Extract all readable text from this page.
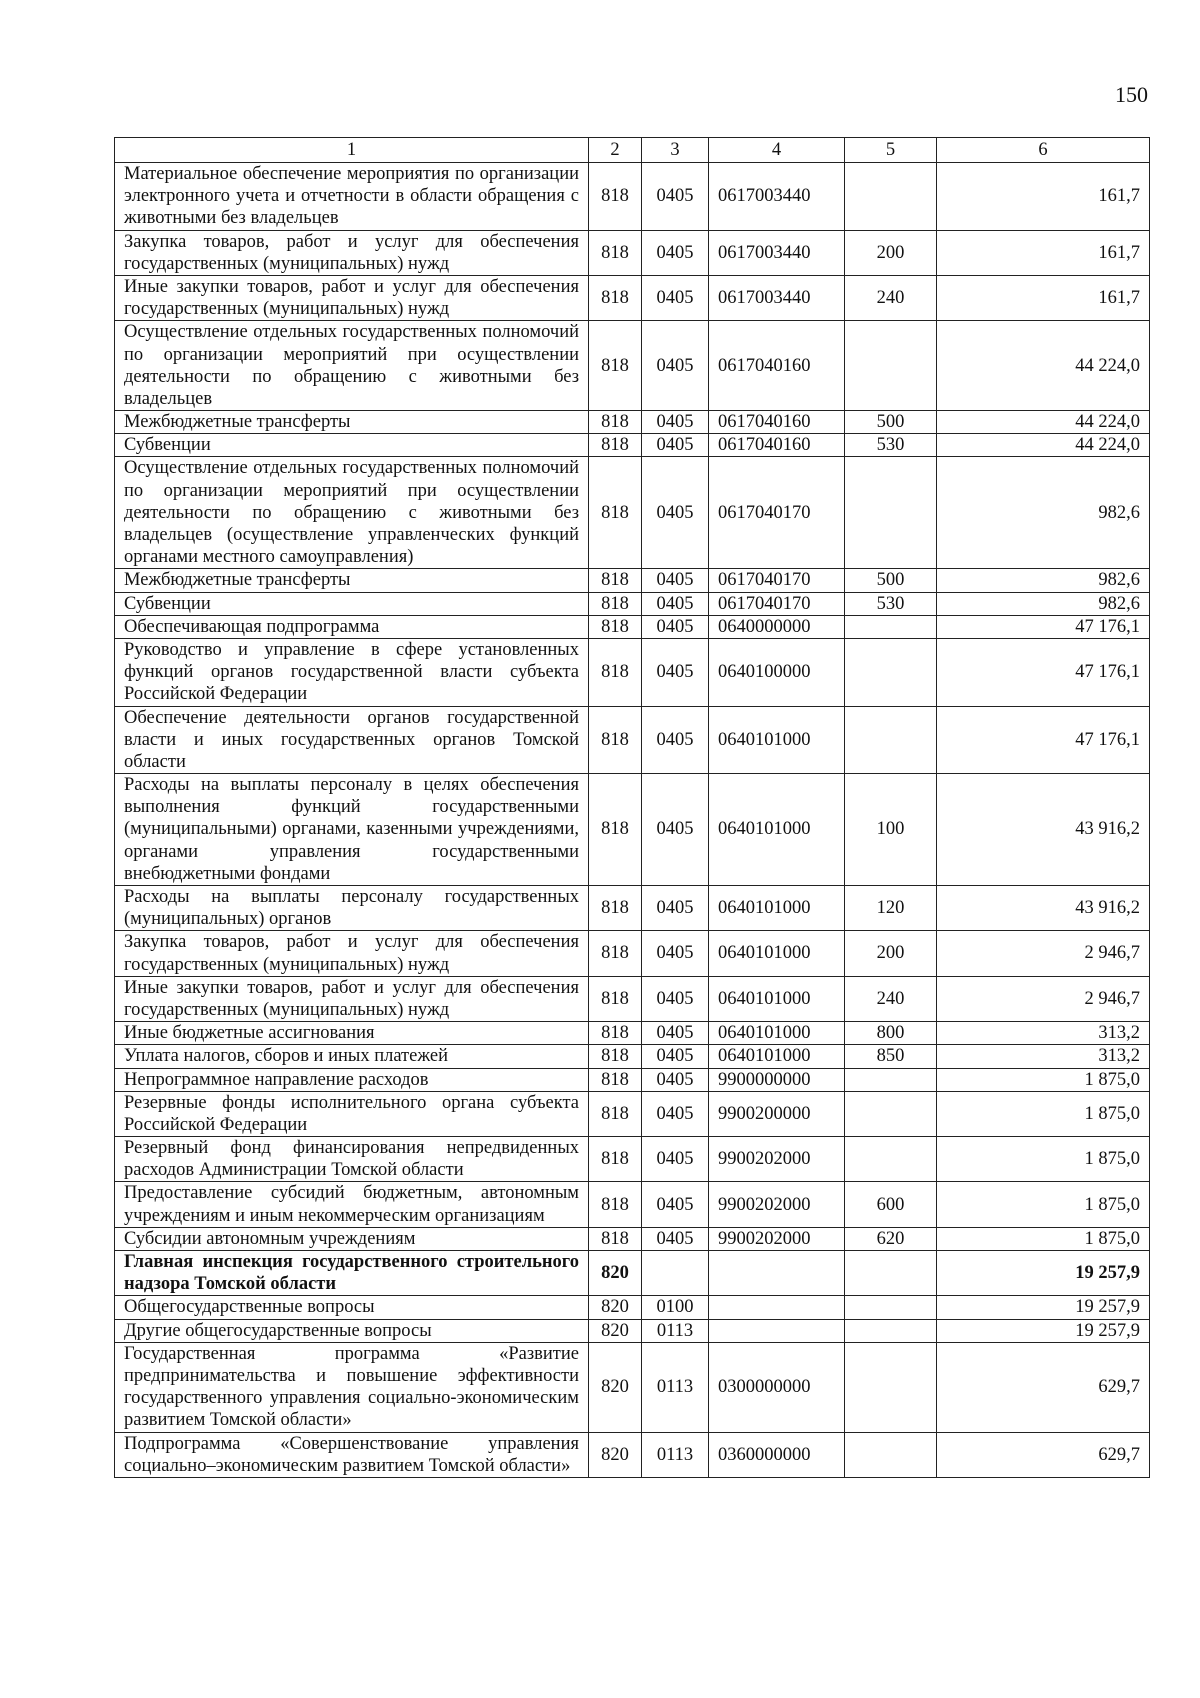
150
1	2	3	4	5	6
Материальное обеспечение мероприятия по организации электронного учета и отчетности в области обращения с животными без владельцев	818	0405	0617003440		161,7
Закупка товаров, работ и услуг для обеспечения государственных (муниципальных) нужд	818	0405	0617003440	200	161,7
Иные закупки товаров, работ и услуг для обеспечения государственных (муниципальных) нужд	818	0405	0617003440	240	161,7
Осуществление отдельных государственных полномочий по организации мероприятий при осуществлении деятельности по обращению с животными без владельцев	818	0405	0617040160		44 224,0
Межбюджетные трансферты	818	0405	0617040160	500	44 224,0
Субвенции	818	0405	0617040160	530	44 224,0
Осуществление отдельных государственных полномочий по организации мероприятий при осуществлении деятельности по обращению с животными без владельцев (осуществление управленческих функций органами местного самоуправления)	818	0405	0617040170		982,6
Межбюджетные трансферты	818	0405	0617040170	500	982,6
Субвенции	818	0405	0617040170	530	982,6
Обеспечивающая подпрограмма	818	0405	0640000000		47 176,1
Руководство и управление в сфере установленных функций органов государственной власти субъекта Российской Федерации	818	0405	0640100000		47 176,1
Обеспечение деятельности органов государственной власти и иных государственных органов Томской области	818	0405	0640101000		47 176,1
Расходы на выплаты персоналу в целях обеспечения выполнения функций государственными (муниципальными) органами, казенными учреждениями, органами управления государственными внебюджетными фондами	818	0405	0640101000	100	43 916,2
Расходы на выплаты персоналу государственных (муниципальных) органов	818	0405	0640101000	120	43 916,2
Закупка товаров, работ и услуг для обеспечения государственных (муниципальных) нужд	818	0405	0640101000	200	2 946,7
Иные закупки товаров, работ и услуг для обеспечения государственных (муниципальных) нужд	818	0405	0640101000	240	2 946,7
Иные бюджетные ассигнования	818	0405	0640101000	800	313,2
Уплата налогов, сборов и иных платежей	818	0405	0640101000	850	313,2
Непрограммное направление расходов	818	0405	9900000000		1 875,0
Резервные фонды исполнительного органа субъекта Российской Федерации	818	0405	9900200000		1 875,0
Резервный фонд финансирования непредвиденных расходов Администрации Томской области	818	0405	9900202000		1 875,0
Предоставление субсидий бюджетным, автономным учреждениям и иным некоммерческим организациям	818	0405	9900202000	600	1 875,0
Субсидии автономным учреждениям	818	0405	9900202000	620	1 875,0
Главная инспекция государственного строительного надзора Томской области	820				19 257,9
Общегосударственные вопросы	820	0100			19 257,9
Другие общегосударственные вопросы	820	0113			19 257,9
Государственная программа «Развитие предпринимательства и повышение эффективности государственного управления социально-экономическим развитием Томской области»	820	0113	0300000000		629,7
Подпрограмма «Совершенствование управления социально–экономическим развитием Томской области»	820	0113	0360000000		629,7
